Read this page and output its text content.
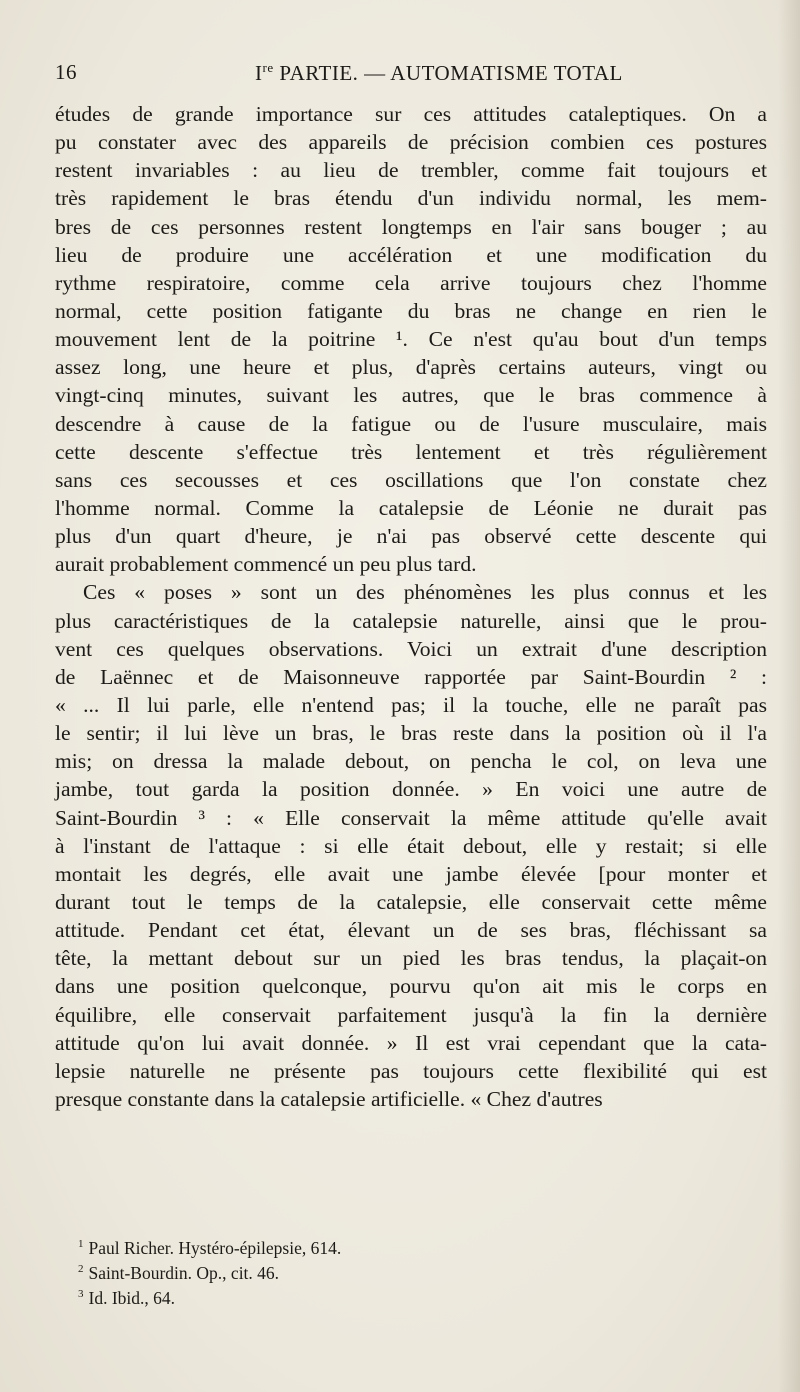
16	Ire PARTIE. — AUTOMATISME TOTAL
études de grande importance sur ces attitudes cataleptiques. On a
pu constater avec des appareils de précision combien ces postures
restent invariables : au lieu de trembler, comme fait toujours et
très rapidement le bras étendu d'un individu normal, les mem-
bres de ces personnes restent longtemps en l'air sans bouger ; au
lieu de produire une accélération et une modification du
rythme respiratoire, comme cela arrive toujours chez l'homme
normal, cette position fatigante du bras ne change en rien le
mouvement lent de la poitrine ¹. Ce n'est qu'au bout d'un temps
assez long, une heure et plus, d'après certains auteurs, vingt ou
vingt-cinq minutes, suivant les autres, que le bras commence à
descendre à cause de la fatigue ou de l'usure musculaire, mais
cette descente s'effectue très lentement et très régulièrement
sans ces secousses et ces oscillations que l'on constate chez
l'homme normal. Comme la catalepsie de Léonie ne durait pas
plus d'un quart d'heure, je n'ai pas observé cette descente qui
aurait probablement commencé un peu plus tard.
Ces « poses » sont un des phénomènes les plus connus et les
plus caractéristiques de la catalepsie naturelle, ainsi que le prou-
vent ces quelques observations. Voici un extrait d'une description
de Laënnec et de Maisonneuve rapportée par Saint-Bourdin ² :
« ... Il lui parle, elle n'entend pas; il la touche, elle ne paraît pas
le sentir; il lui lève un bras, le bras reste dans la position où il l'a
mis; on dressa la malade debout, on pencha le col, on leva une
jambe, tout garda la position donnée. » En voici une autre de
Saint-Bourdin ³ : « Elle conservait la même attitude qu'elle avait
à l'instant de l'attaque : si elle était debout, elle y restait; si elle
montait les degrés, elle avait une jambe élevée [pour monter et
durant tout le temps de la catalepsie, elle conservait cette même
attitude. Pendant cet état, élevant un de ses bras, fléchissant sa
tête, la mettant debout sur un pied les bras tendus, la plaçait-on
dans une position quelconque, pourvu qu'on ait mis le corps en
équilibre, elle conservait parfaitement jusqu'à la fin la dernière
attitude qu'on lui avait donnée. » Il est vrai cependant que la cata-
lepsie naturelle ne présente pas toujours cette flexibilité qui est
presque constante dans la catalepsie artificielle. « Chez d'autres
$^1$ Paul Richer. Hystéro-épilepsie, 614.
$^2$ Saint-Bourdin. Op., cit. 46.
$^3$ Id. Ibid., 64.
